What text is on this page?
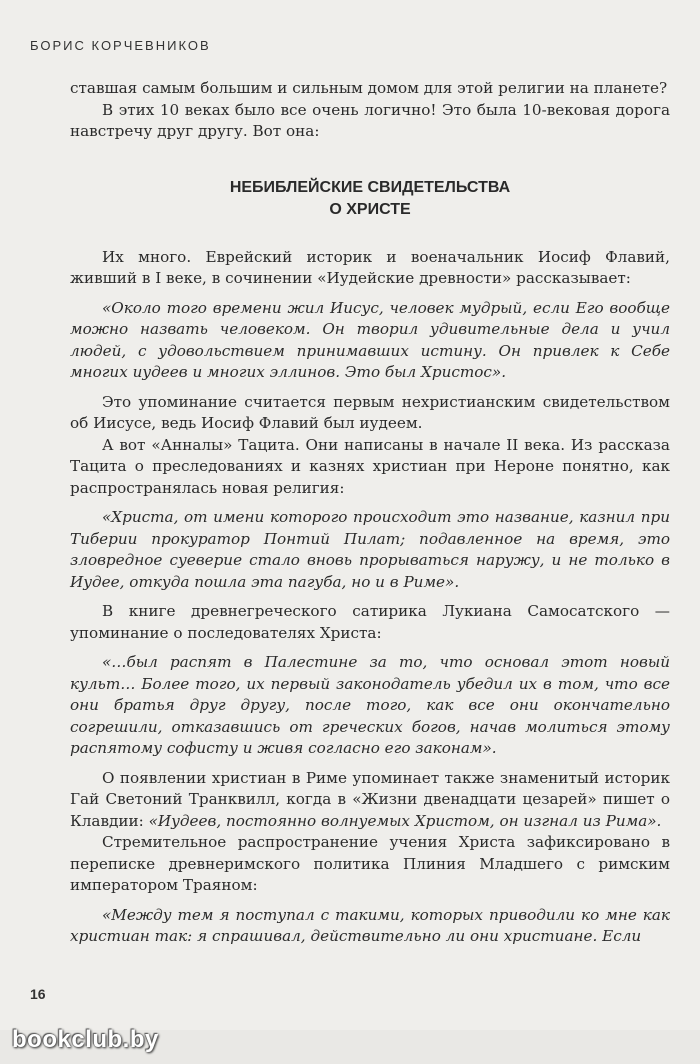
БОРИС КОРЧЕВНИКОВ

ставшая самым большим и сильным домом для этой религии на планете?

В этих 10 веках было все очень логично! Это была 10-вековая дорога навстречу друг другу. Вот она:

НЕБИБЛЕЙСКИЕ СВИДЕТЕЛЬСТВА
О ХРИСТЕ

Их много. Еврейский историк и военачальник Иосиф Флавий, живший в I веке, в сочинении «Иудейские древности» рассказывает:

«Около того времени жил Иисус, человек мудрый, если Его вообще можно назвать человеком. Он творил удивительные дела и учил людей, с удовольствием принимавших истину. Он привлек к Себе многих иудеев и многих эллинов. Это был Христос».

Это упоминание считается первым нехристианским свидетельством об Иисусе, ведь Иосиф Флавий был иудеем.

А вот «Анналы» Тацита. Они написаны в начале II века. Из рассказа Тацита о преследованиях и казнях христиан при Нероне понятно, как распространялась новая религия:

«Христа, от имени которого происходит это название, казнил при Тиберии прокуратор Понтий Пилат; подавленное на время, это зловредное суеверие стало вновь прорываться наружу, и не только в Иудее, откуда пошла эта пагуба, но и в Риме».

В книге древнегреческого сатирика Лукиана Самосатского — упоминание о последователях Христа:

«…был распят в Палестине за то, что основал этот новый культ… Более того, их первый законодатель убедил их в том, что все они братья друг другу, после того, как все они окончательно согрешили, отказавшись от греческих богов, начав молиться этому распятому софисту и живя согласно его законам».

О появлении христиан в Риме упоминает также знаменитый историк Гай Светоний Транквилл, когда в «Жизни двенадцати цезарей» пишет о Клавдии: «Иудеев, постоянно волнуемых Христом, он изгнал из Рима».

Стремительное распространение учения Христа зафиксировано в переписке древнеримского политика Плиния Младшего с римским императором Траяном:

«Между тем я поступал с такими, которых приводили ко мне как христиан так: я спрашивал, действительно ли они христиане. Если

16
bookclub.by
